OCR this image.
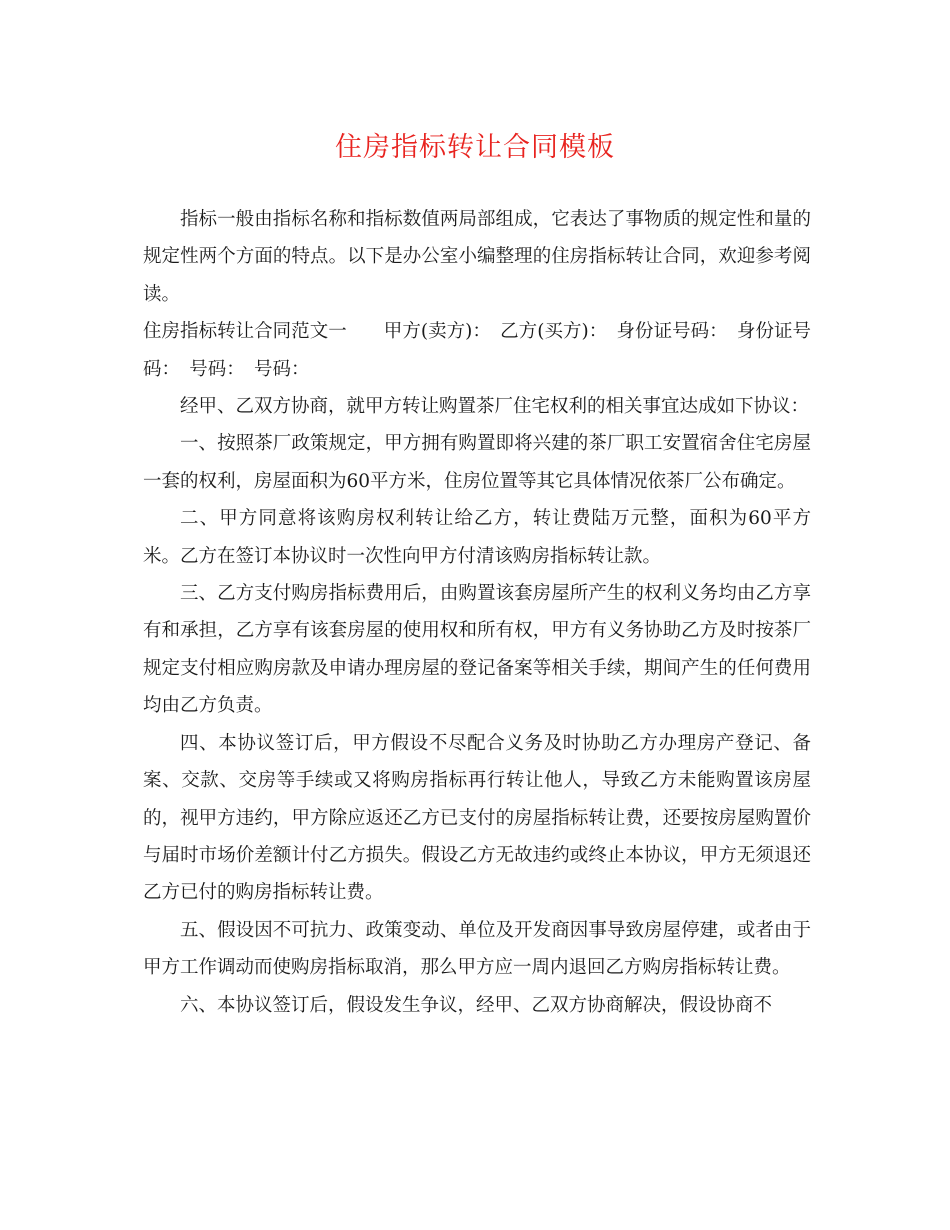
住房指标转让合同模板

指标一般由指标名称和指标数值两局部组成，它表达了事物质的规定性和量的规定性两个方面的特点。以下是办公室小编整理的住房指标转让合同，欢迎参考阅读。

住房指标转让合同范文一　　甲方(卖方)：　乙方(买方)：　身份证号码：　身份证号码：　号码：　号码：

经甲、乙双方协商，就甲方转让购置茶厂住宅权利的相关事宜达成如下协议：

一、按照茶厂政策规定，甲方拥有购置即将兴建的茶厂职工安置宿舍住宅房屋一套的权利，房屋面积为60平方米，住房位置等其它具体情况依茶厂公布确定。

二、甲方同意将该购房权利转让给乙方，转让费陆万元整，面积为60平方米。乙方在签订本协议时一次性向甲方付清该购房指标转让款。

三、乙方支付购房指标费用后，由购置该套房屋所产生的权利义务均由乙方享有和承担，乙方享有该套房屋的使用权和所有权，甲方有义务协助乙方及时按茶厂规定支付相应购房款及申请办理房屋的登记备案等相关手续，期间产生的任何费用均由乙方负责。

四、本协议签订后，甲方假设不尽配合义务及时协助乙方办理房产登记、备案、交款、交房等手续或又将购房指标再行转让他人，导致乙方未能购置该房屋的，视甲方违约，甲方除应返还乙方已支付的房屋指标转让费，还要按房屋购置价与届时市场价差额计付乙方损失。假设乙方无故违约或终止本协议，甲方无须退还乙方已付的购房指标转让费。

五、假设因不可抗力、政策变动、单位及开发商因事导致房屋停建，或者由于甲方工作调动而使购房指标取消，那么甲方应一周内退回乙方购房指标转让费。

六、本协议签订后，假设发生争议，经甲、乙双方协商解决，假设协商不
